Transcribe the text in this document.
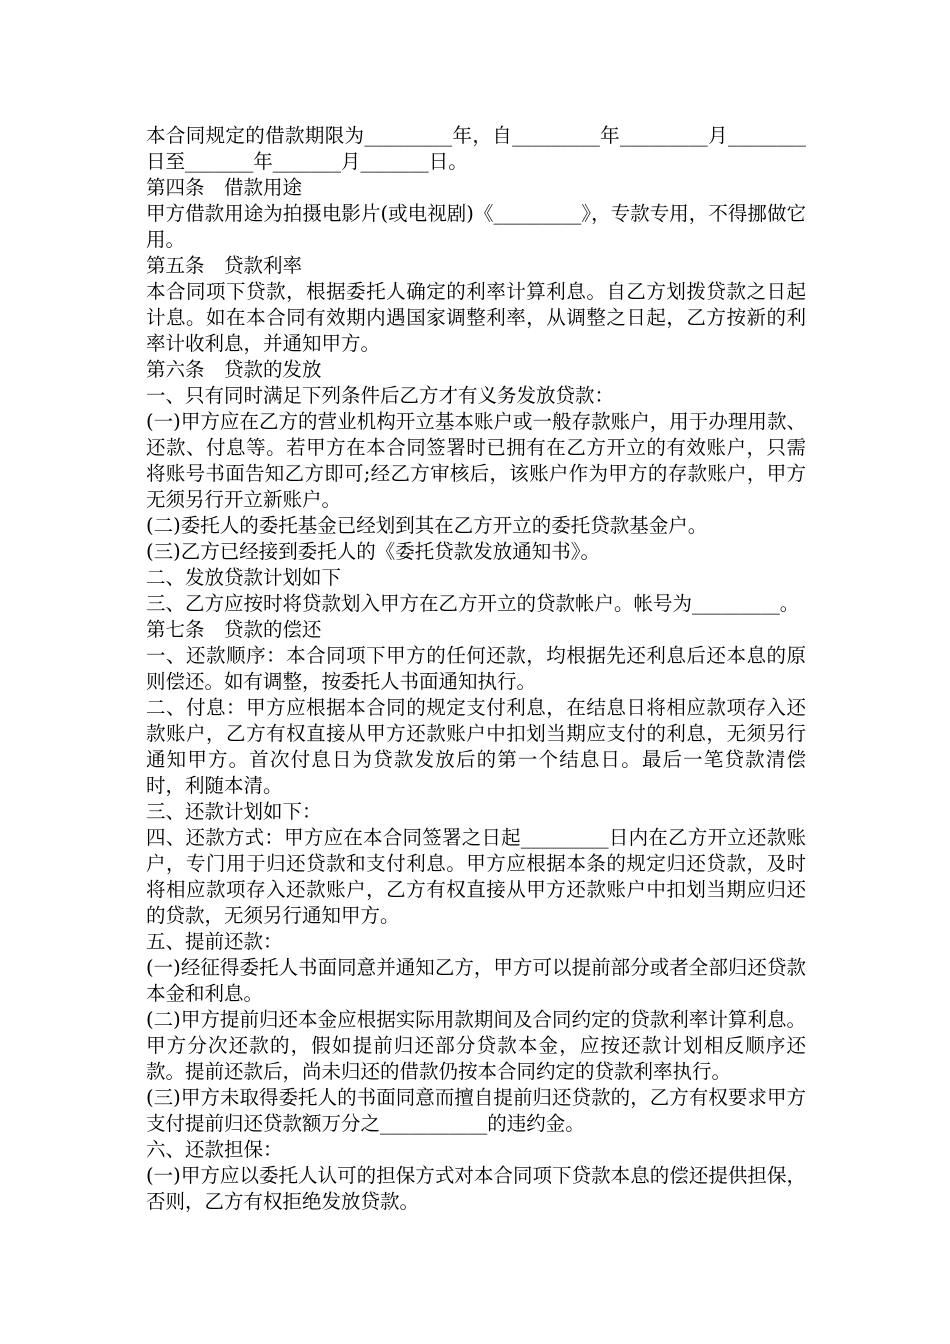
本合同规定的借款期限为_________年，自_________年_________月________日至_______年_______月_______日。

第四条　借款用途

甲方借款用途为拍摄电影片(或电视剧)《_________》，专款专用，不得挪做它用。

第五条　贷款利率

本合同项下贷款，根据委托人确定的利率计算利息。自乙方划拨贷款之日起计息。如在本合同有效期内遇国家调整利率，从调整之日起，乙方按新的利率计收利息，并通知甲方。

第六条　贷款的发放

一、只有同时满足下列条件后乙方才有义务发放贷款：

(一)甲方应在乙方的营业机构开立基本账户或一般存款账户，用于办理用款、还款、付息等。若甲方在本合同签署时已拥有在乙方开立的有效账户，只需将账号书面告知乙方即可;经乙方审核后，该账户作为甲方的存款账户，甲方无须另行开立新账户。

(二)委托人的委托基金已经划到其在乙方开立的委托贷款基金户。

(三)乙方已经接到委托人的《委托贷款发放通知书》。

二、发放贷款计划如下

三、乙方应按时将贷款划入甲方在乙方开立的贷款帐户。帐号为_________。

第七条　贷款的偿还

一、还款顺序：本合同项下甲方的任何还款，均根据先还利息后还本息的原则偿还。如有调整，按委托人书面通知执行。

二、付息：甲方应根据本合同的规定支付利息，在结息日将相应款项存入还款账户，乙方有权直接从甲方还款账户中扣划当期应支付的利息，无须另行通知甲方。首次付息日为贷款发放后的第一个结息日。最后一笔贷款清偿时，利随本清。

三、还款计划如下：

四、还款方式：甲方应在本合同签署之日起_________日内在乙方开立还款账户，专门用于归还贷款和支付利息。甲方应根据本条的规定归还贷款，及时将相应款项存入还款账户，乙方有权直接从甲方还款账户中扣划当期应归还的贷款，无须另行通知甲方。

五、提前还款：

(一)经征得委托人书面同意并通知乙方，甲方可以提前部分或者全部归还贷款本金和利息。

(二)甲方提前归还本金应根据实际用款期间及合同约定的贷款利率计算利息。甲方分次还款的，假如提前归还部分贷款本金，应按还款计划相反顺序还款。提前还款后，尚未归还的借款仍按本合同约定的贷款利率执行。

(三)甲方未取得委托人的书面同意而擅自提前归还贷款的，乙方有权要求甲方支付提前归还贷款额万分之___________的违约金。

六、还款担保：

(一)甲方应以委托人认可的担保方式对本合同项下贷款本息的偿还提供担保，否则，乙方有权拒绝发放贷款。
